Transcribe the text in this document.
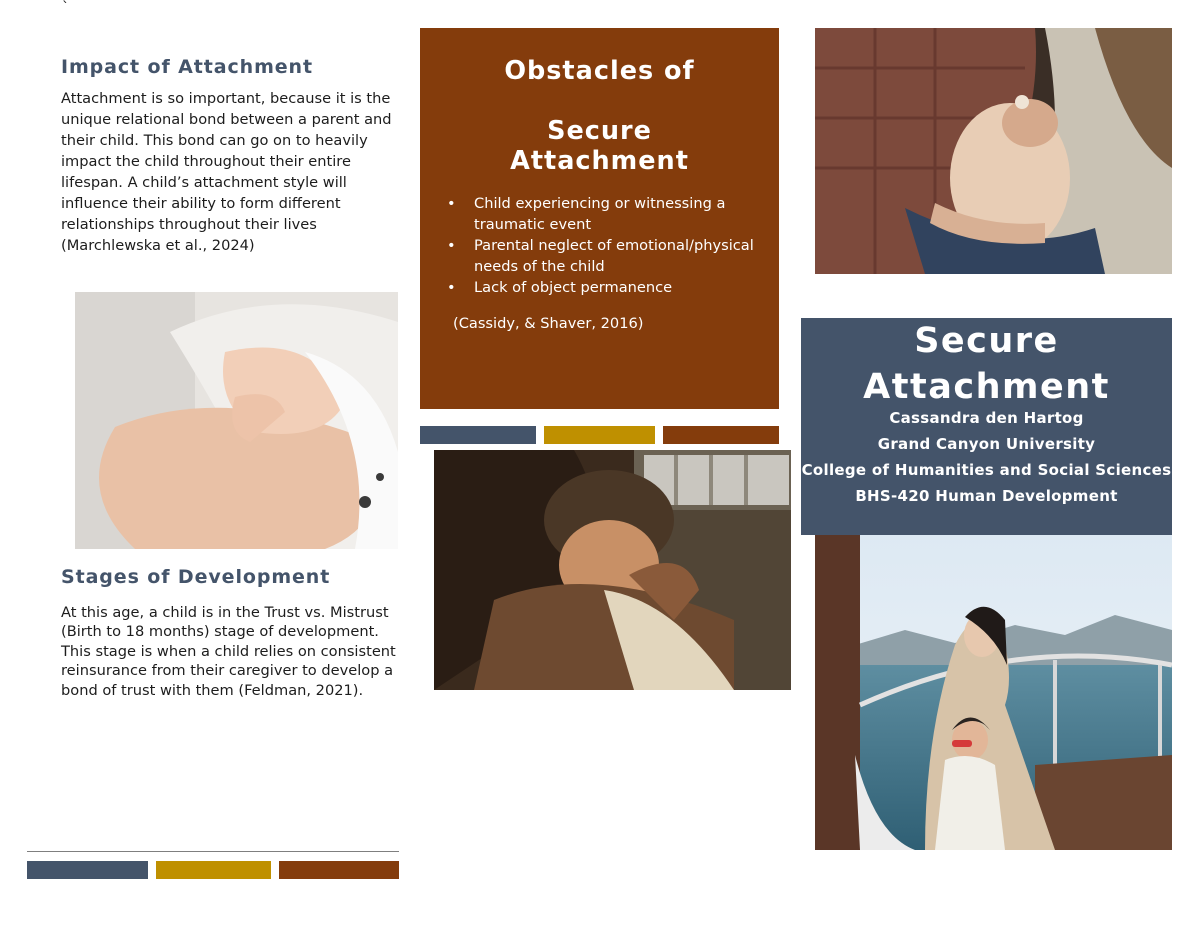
`
Impact of Attachment

Attachment is so important, because it is the unique relational bond between a parent and their child. This bond can go on to heavily impact the child throughout their entire lifespan. A child’s attachment style will influence their ability to form different relationships throughout their lives (Marchlewska et al., 2024)

Stages of Development

At this age, a child is in the Trust vs. Mistrust (Birth to 18 months) stage of development. This stage is when a child relies on consistent reinsurance from their caregiver to develop a bond of trust with them (Feldman, 2021).

Obstacles of
Secure
Attachment
• Child experiencing or witnessing a traumatic event
• Parental neglect of emotional/physical needs of the child
• Lack of object permanence

(Cassidy, & Shaver, 2016)	Secure
Attachment

Cassandra den Hartog

Grand Canyon University

College of Humanities and Social Sciences

BHS-420 Human Development
